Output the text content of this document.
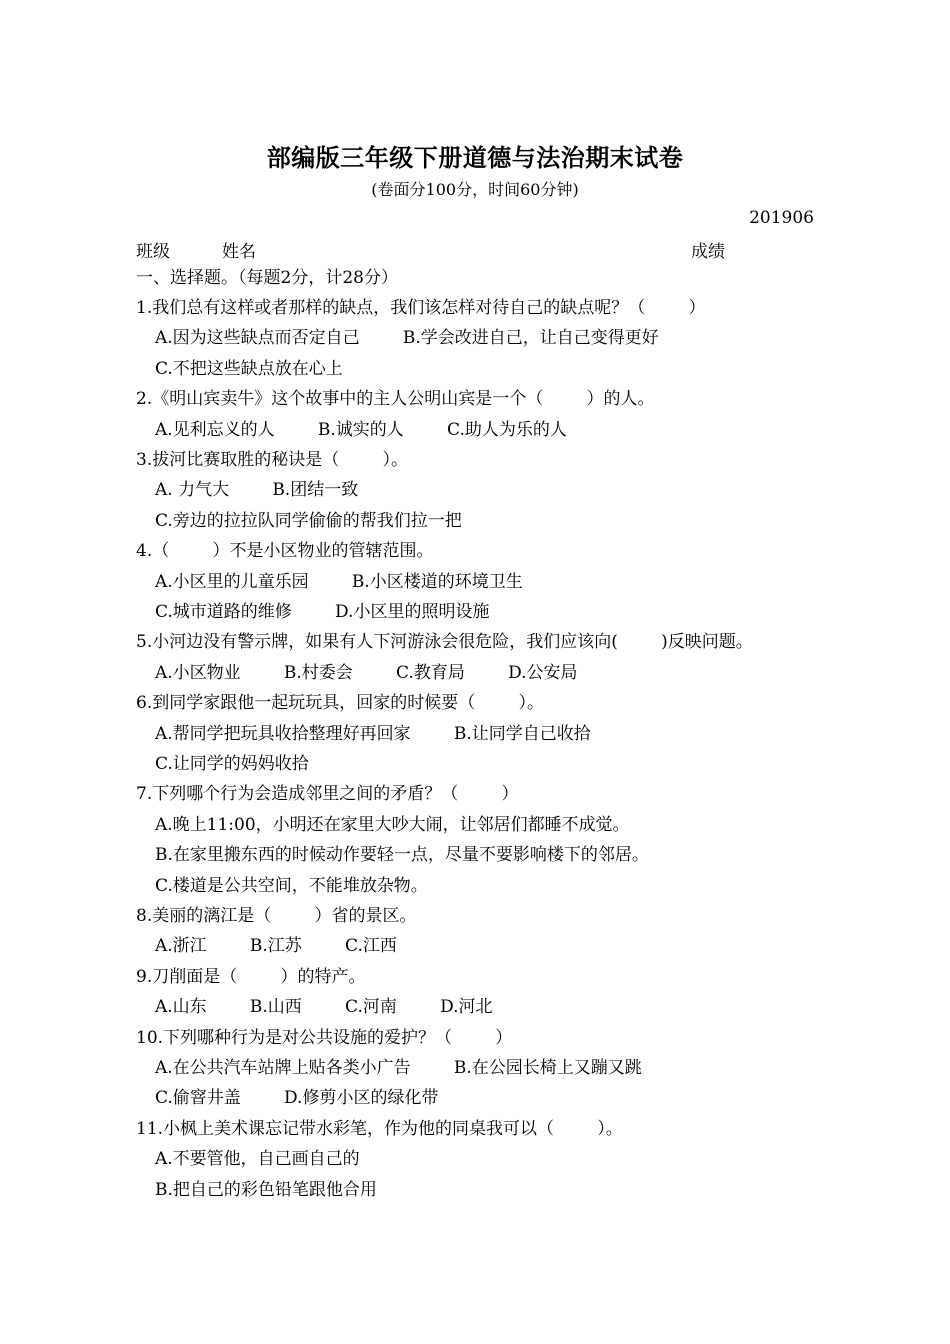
部编版三年级下册道德与法治期末试卷
(卷面分100分，时间60分钟)
201906
班级	姓名	成绩
一、选择题。（每题2分，计28分）
1.我们总有这样或者那样的缺点，我们该怎样对待自己的缺点呢？（        ）
A.因为这些缺点而否定自己        B.学会改进自己，让自己变得更好
C.不把这些缺点放在心上
2.《明山宾卖牛》这个故事中的主人公明山宾是一个（        ）的人。
A.见利忘义的人        B.诚实的人        C.助人为乐的人
3.拔河比赛取胜的秘诀是（        ）。
A. 力气大        B.团结一致
C.旁边的拉拉队同学偷偷的帮我们拉一把
4.（        ）不是小区物业的管辖范围。
A.小区里的儿童乐园        B.小区楼道的环境卫生
C.城市道路的维修        D.小区里的照明设施
5.小河边没有警示牌，如果有人下河游泳会很危险，我们应该向(        )反映问题。
A.小区物业        B.村委会        C.教育局        D.公安局
6.到同学家跟他一起玩玩具，回家的时候要（        ）。
A.帮同学把玩具收拾整理好再回家        B.让同学自己收拾
C.让同学的妈妈收拾
7.下列哪个行为会造成邻里之间的矛盾？（        ）
A.晚上11:00，小明还在家里大吵大闹，让邻居们都睡不成觉。
B.在家里搬东西的时候动作要轻一点，尽量不要影响楼下的邻居。
C.楼道是公共空间，不能堆放杂物。
8.美丽的漓江是（        ）省的景区。
A.浙江        B.江苏        C.江西
9.刀削面是（        ）的特产。
A.山东        B.山西        C.河南        D.河北
10.下列哪种行为是对公共设施的爱护？（        ）
A.在公共汽车站牌上贴各类小广告        B.在公园长椅上又蹦又跳
C.偷窨井盖        D.修剪小区的绿化带
11.小枫上美术课忘记带水彩笔，作为他的同桌我可以（        ）。
A.不要管他，自己画自己的
B.把自己的彩色铅笔跟他合用
